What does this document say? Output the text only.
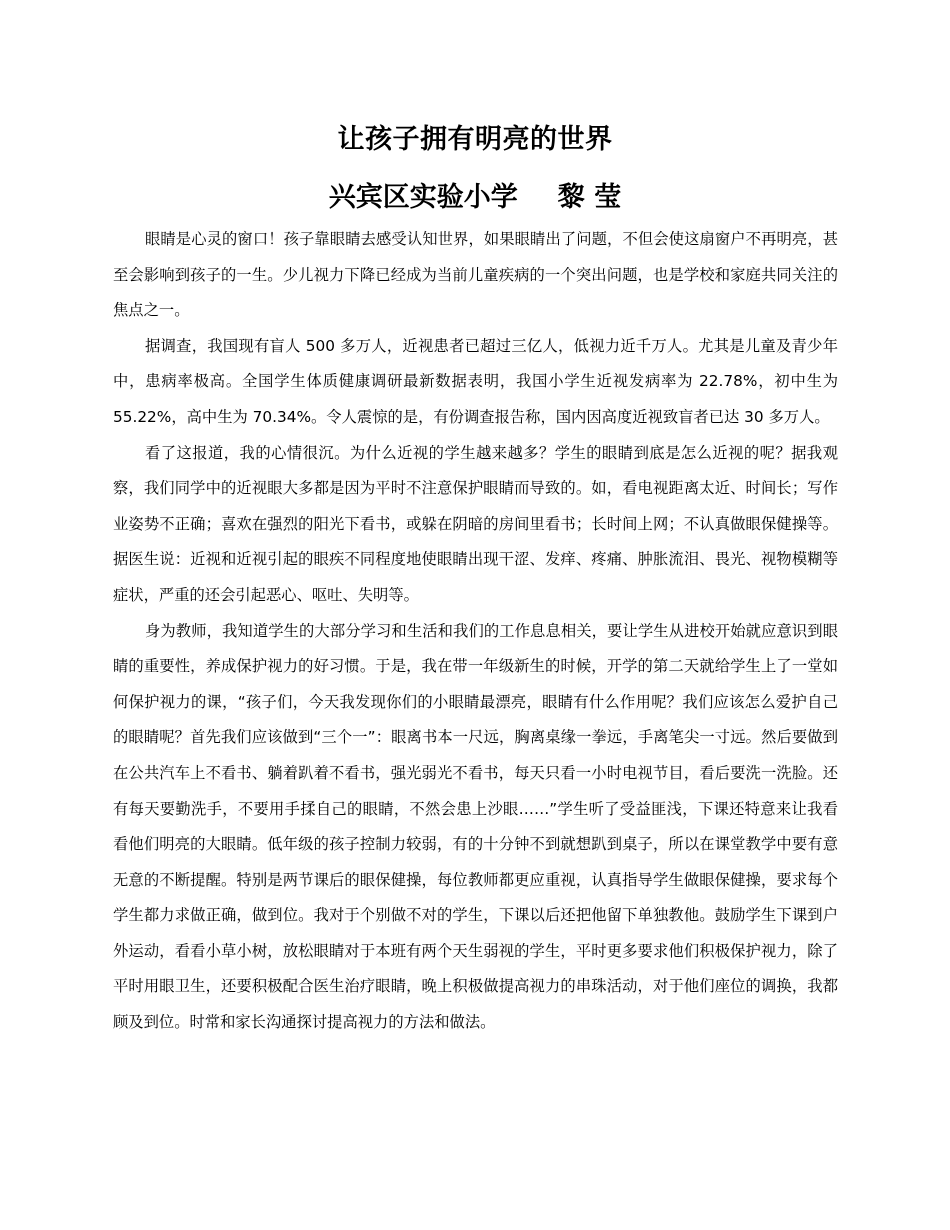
让孩子拥有明亮的世界
兴宾区实验小学 黎 莹

眼睛是心灵的窗口！孩子靠眼睛去感受认知世界，如果眼睛出了问题，不但会使这扇窗户不再明亮，甚至会影响到孩子的一生。少儿视力下降已经成为当前儿童疾病的一个突出问题，也是学校和家庭共同关注的焦点之一。

据调查，我国现有盲人 500 多万人，近视患者已超过三亿人，低视力近千万人。尤其是儿童及青少年中，患病率极高。全国学生体质健康调研最新数据表明，我国小学生近视发病率为 22.78%，初中生为 55.22%，高中生为 70.34%。令人震惊的是，有份调查报告称，国内因高度近视致盲者已达 30 多万人。

看了这报道，我的心情很沉。为什么近视的学生越来越多？学生的眼睛到底是怎么近视的呢？据我观察，我们同学中的近视眼大多都是因为平时不注意保护眼睛而导致的。如，看电视距离太近、时间长；写作业姿势不正确；喜欢在强烈的阳光下看书，或躲在阴暗的房间里看书；长时间上网；不认真做眼保健操等。据医生说：近视和近视引起的眼疾不同程度地使眼睛出现干涩、发痒、疼痛、肿胀流泪、畏光、视物模糊等症状，严重的还会引起恶心、呕吐、失明等。

身为教师，我知道学生的大部分学习和生活和我们的工作息息相关，要让学生从进校开始就应意识到眼睛的重要性，养成保护视力的好习惯。于是，我在带一年级新生的时候，开学的第二天就给学生上了一堂如何保护视力的课，“孩子们，今天我发现你们的小眼睛最漂亮，眼睛有什么作用呢？我们应该怎么爱护自己的眼睛呢？首先我们应该做到“三个一”：眼离书本一尺远，胸离桌缘一拳远，手离笔尖一寸远。然后要做到在公共汽车上不看书、躺着趴着不看书，强光弱光不看书，每天只看一小时电视节目，看后要洗一洗脸。还有每天要勤洗手，不要用手揉自己的眼睛，不然会患上沙眼……”学生听了受益匪浅，下课还特意来让我看看他们明亮的大眼睛。低年级的孩子控制力较弱，有的十分钟不到就想趴到桌子，所以在课堂教学中要有意无意的不断提醒。特别是两节课后的眼保健操，每位教师都更应重视，认真指导学生做眼保健操，要求每个学生都力求做正确，做到位。我对于个别做不对的学生，下课以后还把他留下单独教他。鼓励学生下课到户外运动，看看小草小树，放松眼睛对于本班有两个天生弱视的学生，平时更多要求他们积极保护视力，除了平时用眼卫生，还要积极配合医生治疗眼睛，晚上积极做提高视力的串珠活动，对于他们座位的调换，我都顾及到位。时常和家长沟通探讨提高视力的方法和做法。
